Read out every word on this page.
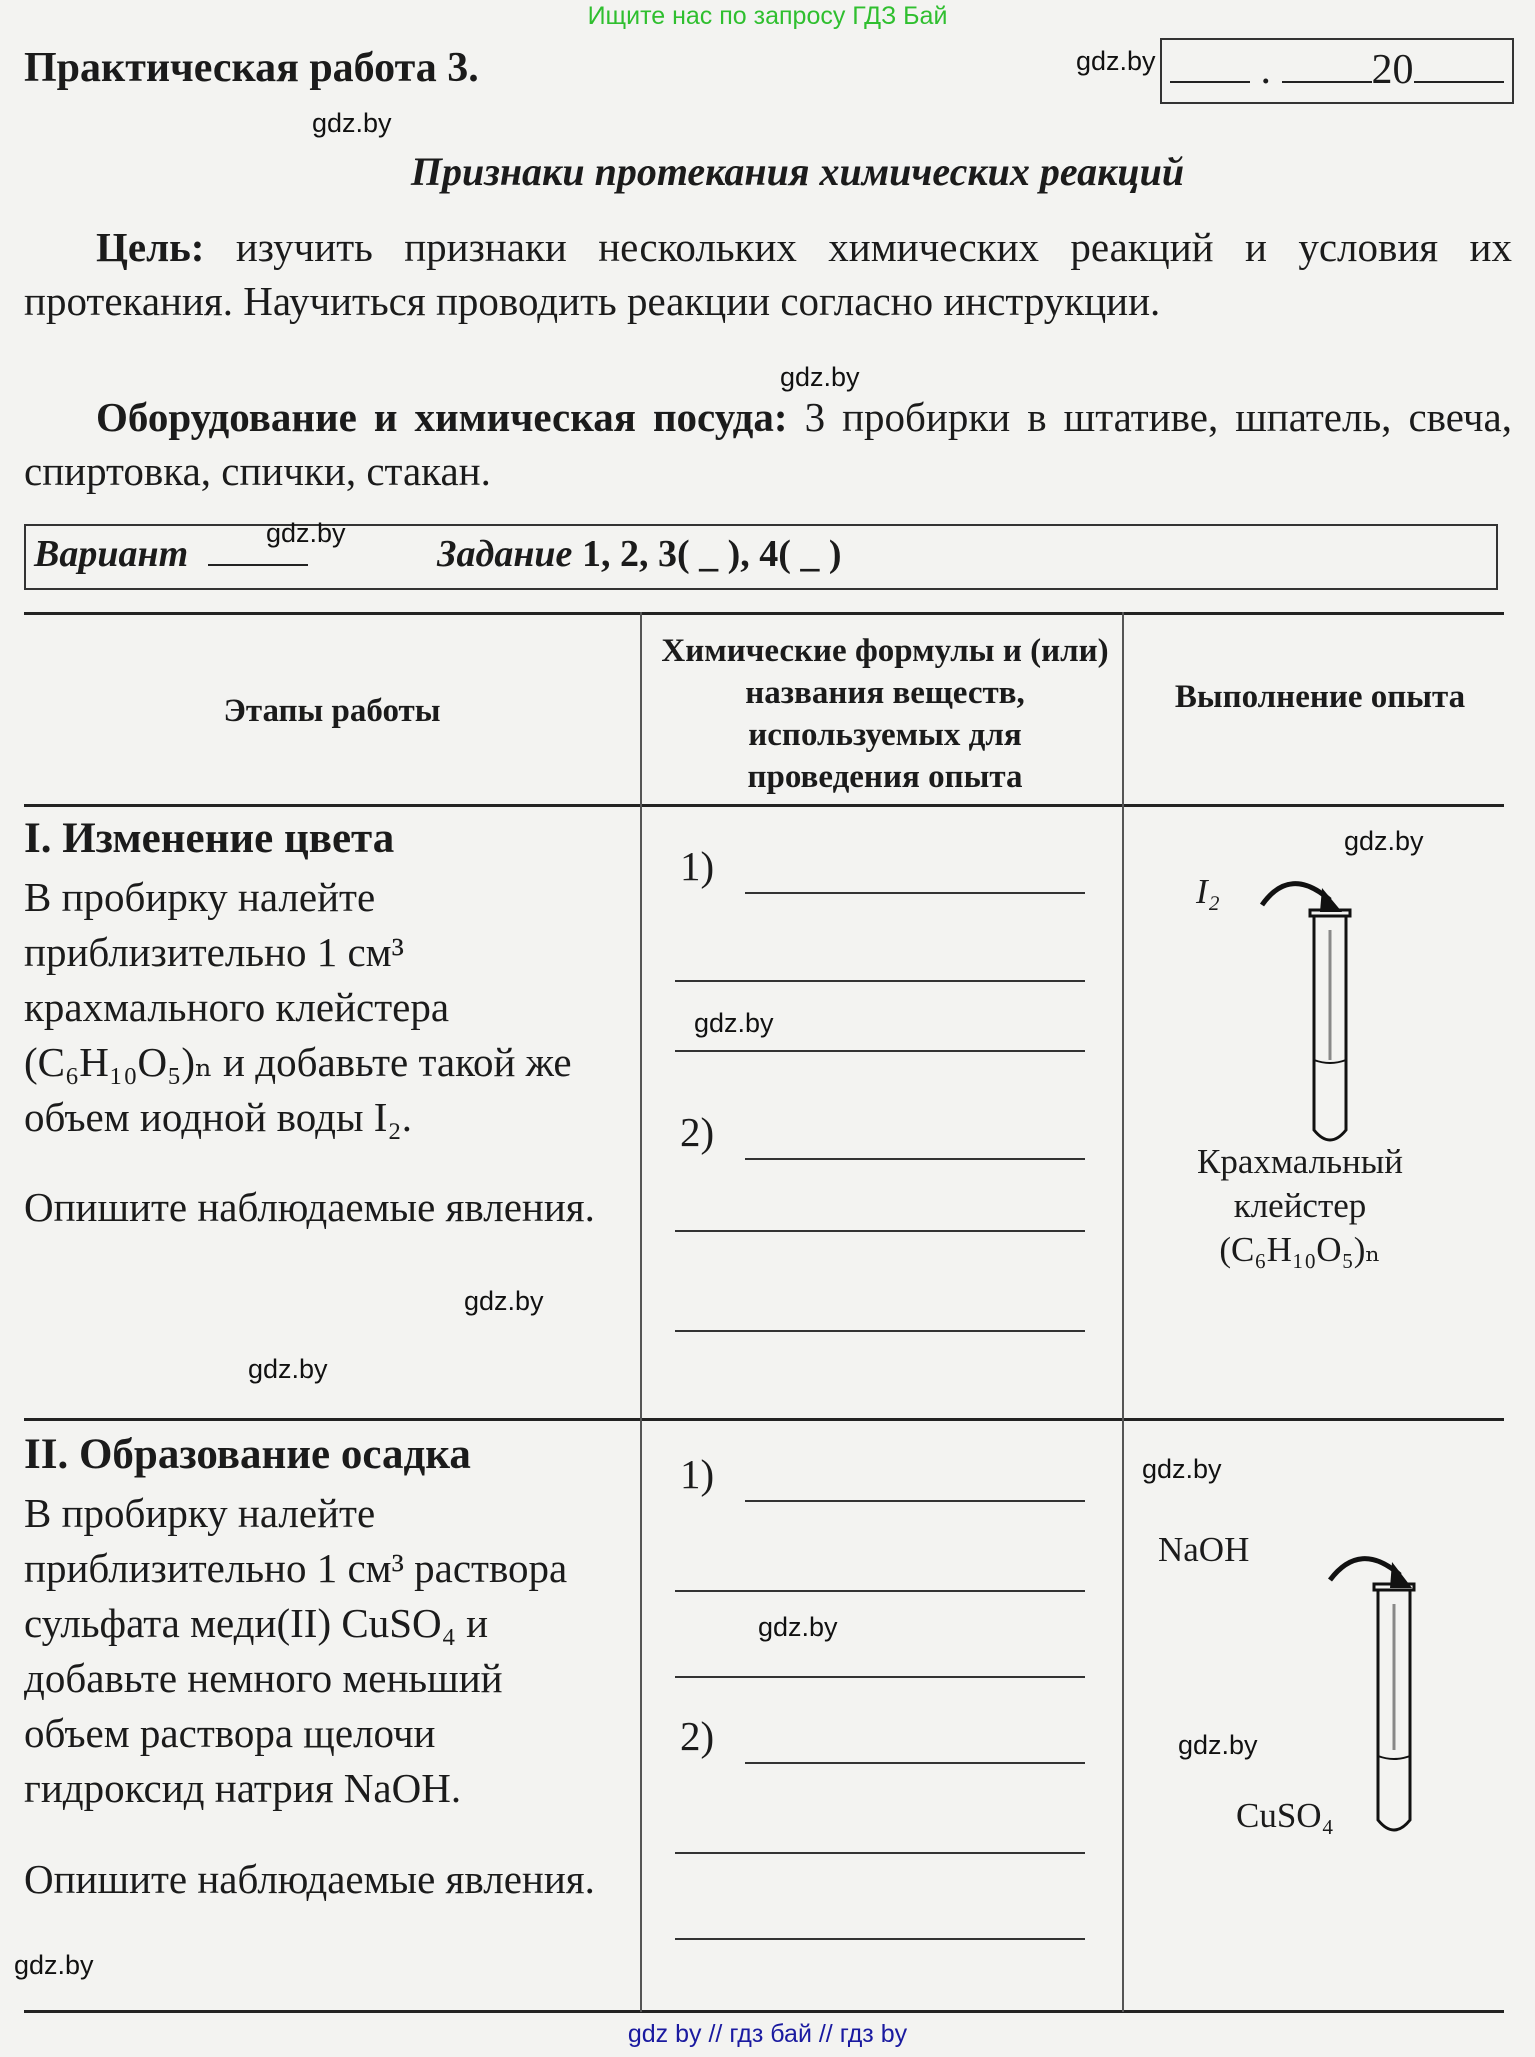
Ищите нас по запросу ГДЗ Бай
Практическая работа 3.	. 20
Признаки протекания химических реакций
Цель: изучить признаки нескольких химических реакций и условия их протекания. Научиться проводить реакции согласно инструкции.
Оборудование и химическая посуда: 3 пробирки в штативе, шпатель, свеча, спиртовка, спички, стакан.
Вариант	Задание 1, 2, 3( _ ), 4( _ )
Этапы работы
Химические формулы и (или) названия веществ, используемых для проведения опыта
Выполнение опыта
I. Изменение цвета
В пробирку налейте приблизительно 1 см³ крахмального клейстера (C₆H₁₀O₅)ₙ и добавьте такой же объем иодной воды I₂.
Опишите наблюдаемые явления.
1)
2)
I₂
Крахмальный
клейстер
(C₆H₁₀O₅)ₙ
II. Образование осадка
В пробирку налейте приблизительно 1 см³ раствора сульфата меди(II) CuSO₄ и добавьте немного меньший объем раствора щелочи гидроксид натрия NaOH.
Опишите наблюдаемые явления.
1)
2)
NaOH
CuSO₄
gdz.by
gdz.by
gdz.by
gdz.by
gdz.by
gdz.by
gdz.by
gdz.by
gdz.by
gdz.by
gdz.by
gdz.by
gdz by // гдз бай // гдз by
